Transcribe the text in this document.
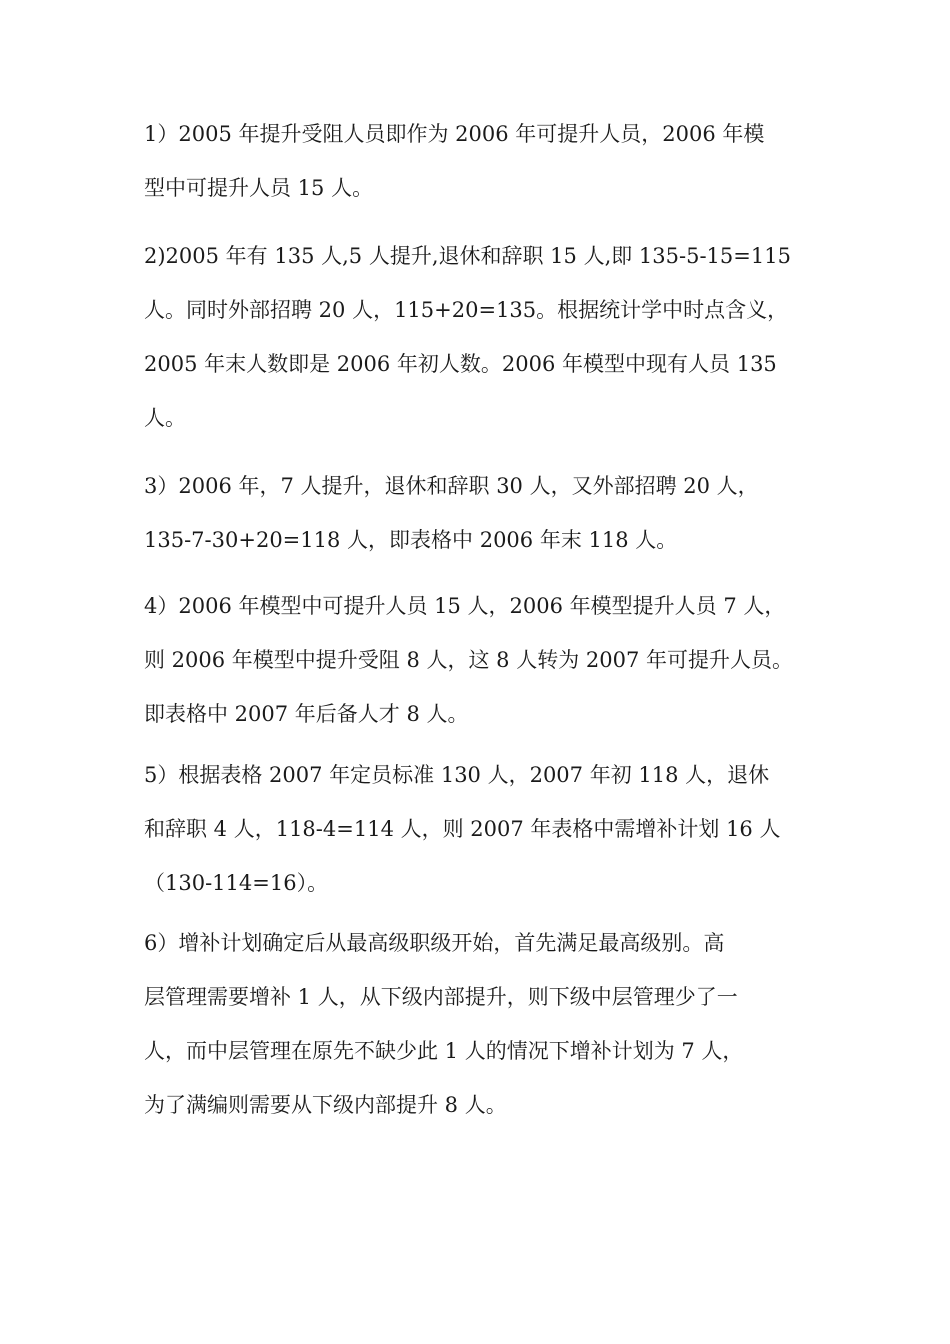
1）2005 年提升受阻人员即作为 2006 年可提升人员，2006 年模
型中可提升人员 15 人。

2)2005 年有 135 人,5 人提升,退休和辞职 15 人,即 135-5-15=115
人。同时外部招聘 20 人，115+20=135。根据统计学中时点含义，
2005 年末人数即是 2006 年初人数。2006 年模型中现有人员 135
人。

3）2006 年，7 人提升，退休和辞职 30 人，又外部招聘 20 人，
135-7-30+20=118 人，即表格中 2006 年末 118 人。

4）2006 年模型中可提升人员 15 人，2006 年模型提升人员 7 人，
则 2006 年模型中提升受阻 8 人，这 8 人转为 2007 年可提升人员。
即表格中 2007 年后备人才 8 人。

5）根据表格 2007 年定员标准 130 人，2007 年初 118 人，退休
和辞职 4 人，118-4=114 人，则 2007 年表格中需增补计划 16 人
（130-114=16）。

6）增补计划确定后从最高级职级开始，首先满足最高级别。高
层管理需要增补 1 人，从下级内部提升，则下级中层管理少了一
人，而中层管理在原先不缺少此 1 人的情况下增补计划为 7 人，
为了满编则需要从下级内部提升 8 人。
